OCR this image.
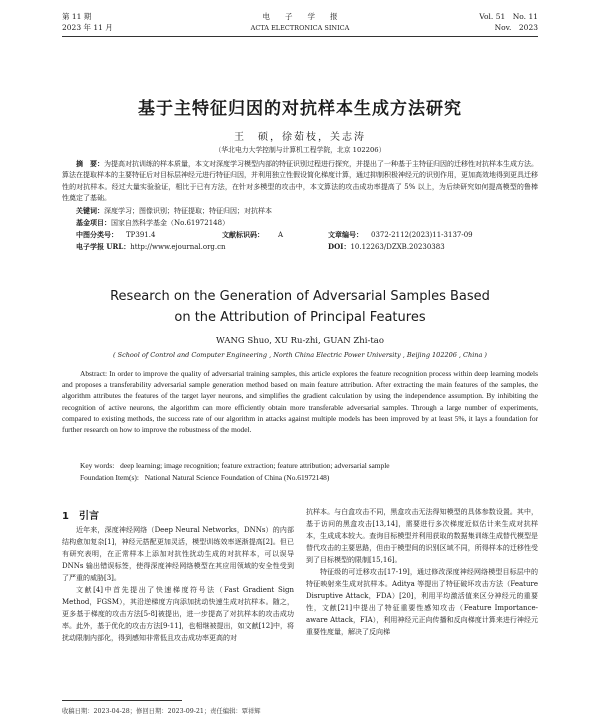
第 11 期
2023 年 11 月
电　　子　　学　　报
ACTA ELECTRONICA SINICA
Vol. 51　No. 11
Nov.　2023
基于主特征归因的对抗样本生成方法研究
王　硕，徐茹枝，关志涛
（华北电力大学控制与计算机工程学院，北京 102206）
摘　要：为提高对抗训练的样本质量，本文对深度学习模型内部的特征识别过程进行探究，并提出了一种基于主特征归因的迁移性对抗样本生成方法。算法在提取样本的主要特征后对目标层神经元进行特征归因，并利用独立性假设简化梯度计算，通过抑制积极神经元的识别作用，更加高效地得到更具迁移性的对抗样本。经过大量实验验证，相比于已有方法，在针对多模型的攻击中，本文算法的攻击成功率提高了 5% 以上，为后续研究如何提高模型的鲁棒性奠定了基础。
关键词：深度学习；图像识别；特征提取；特征归因；对抗样本
基金项目：国家自然科学基金（No.61972148）
中图分类号： TP391.4	文献标识码： A	文章编号： 0372-2112(2023)11-3137-09
电子学报 URL：http://www.ejournal.org.cn	DOI：10.12263/DZXB.20230383
Research on the Generation of Adversarial Samples Based on the Attribution of Principal Features
WANG Shuo, XU Ru-zhi, GUAN Zhi-tao
( School of Control and Computer Engineering , North China Electric Power University , Beijing 102206 , China )
Abstract: In order to improve the quality of adversarial training samples, this article explores the feature recognition process within deep learning models and proposes a transferability adversarial sample generation method based on main feature attribution. After extracting the main features of the samples, the algorithm attributes the features of the target layer neurons, and simplifies the gradient calculation by using the independence assumption. By inhibiting the recognition of active neurons, the algorithm can more efficiently obtain more transferable adversarial samples. Through a large number of experiments, compared to existing methods, the success rate of our algorithm in attacks against multiple models has been improved by at least 5%, it lays a foundation for further research on how to improve the robustness of the model.
Key words: deep learning; image recognition; feature extraction; feature attribution; adversarial sample
Foundation Item(s): National Natural Science Foundation of China (No.61972148)
1　引言

近年来，深度神经网络（Deep Neural Networks，DNNs）的内部结构愈加复杂[1]，神经元搭配更加灵活，模型训练效率逐渐提高[2]。但已有研究表明，在正常样本上添加对抗性扰动生成的对抗样本，可以误导 DNNs 输出错误标签，使得深度神经网络模型在其应用领域的安全性受到了严重的威胁[3]。

文献[4]中首先提出了快速梯度符号法（Fast Gradient Sign Method，FGSM），其沿逆梯度方向添加扰动快速生成对抗样本。随之，更多基于梯度的攻击方法[5-8]被提出，进一步提高了对抗样本的攻击成功率。此外，基于优化的攻击方法[9-11]，也相继被提出，如文献[12]中，将扰动限制内部化，得到感知非常低且攻击成功率更高的对

抗样本。与白盒攻击不同，黑盒攻击无法得知模型的具体参数设置。其中，基于访问的黑盒攻击[13,14]，需要进行多次梯度近似估计来生成对抗样本，生成成本较大。查询目标模型并利用获取的数据集训练生成替代模型是替代攻击的主要思路，但由于模型间的识别区域不同，所得样本的迁移性受到了目标模型的限制[15,16]。

特征级的可迁移攻击[17-19]，通过修改深度神经网络模型目标层中的特征映射来生成对抗样本。Aditya 等提出了特征破坏攻击方法（Feature Disruptive Attack，FDA）[20]，利用平均激活值来区分神经元的重要性，文献[21]中提出了特征重要性感知攻击（Feature Importance-aware Attack，FIA），利用神经元正向传播和反向梯度计算来进行神经元重要性度量，解决了反向梯

收稿日期：2023-04-28；修回日期：2023-09-21；责任编辑：覃祥辉
